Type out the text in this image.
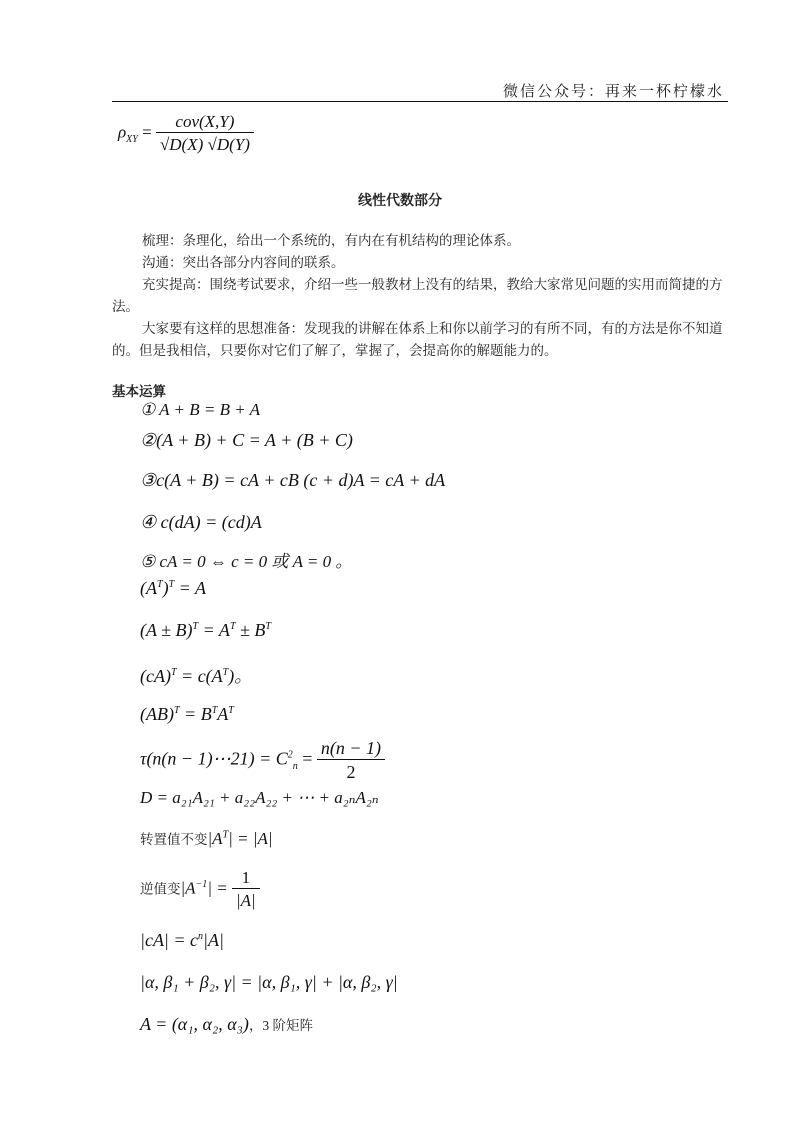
微信公众号：再来一杯柠檬水
$\rho_{XY} = \frac{\text{cov(X,Y)}}{√D(X) √D(Y)}$
线性代数部分
梳理：条理化，给出一个系统的，有内在有机结构的理论体系。
沟通：突出各部分内容间的联系。
充实提高：围绕考试要求，介绍一些一般教材上没有的结果，教给大家常见问题的实用而简捷的方法。
大家要有这样的思想准备：发现我的讲解在体系上和你以前学习的有所不同，有的方法是你不知道的。但是我相信，只要你对它们了解了，掌握了，会提高你的解题能力的。
基本运算
① A + B = B + A
②(A + B) + C = A + (B + C)
③c(A + B) = cA + cB (c + d)A = cA + dA
④ c(dA) = (cd)A
⑤ cA = 0 ⇔ c = 0 或 A = 0 。
$(A^T)^T = A$
$(A \pm B)^T = A^T \pm B^T$
$(cA)^T = c(A^T)$。
$(AB)^T = B^TA^T$
τ(n(n − 1)⋯21) = $C^2_n = \frac{n(n - 1)}{2}$
D = a₂₁A₂₁ + a₂₂A₂₂ + ⋯ + a₂ₙA₂ₙ
转置值不变$|A^T| = |A|$
逆值变$|A^{-1}| = \frac{1}{|A|}$
$|cA| = c^n|A|$
|α, β₁ + β₂, γ| = |α, β₁, γ| + |α, β₂, γ|
A = (α₁, α₂, α₃)，3 阶矩阵
